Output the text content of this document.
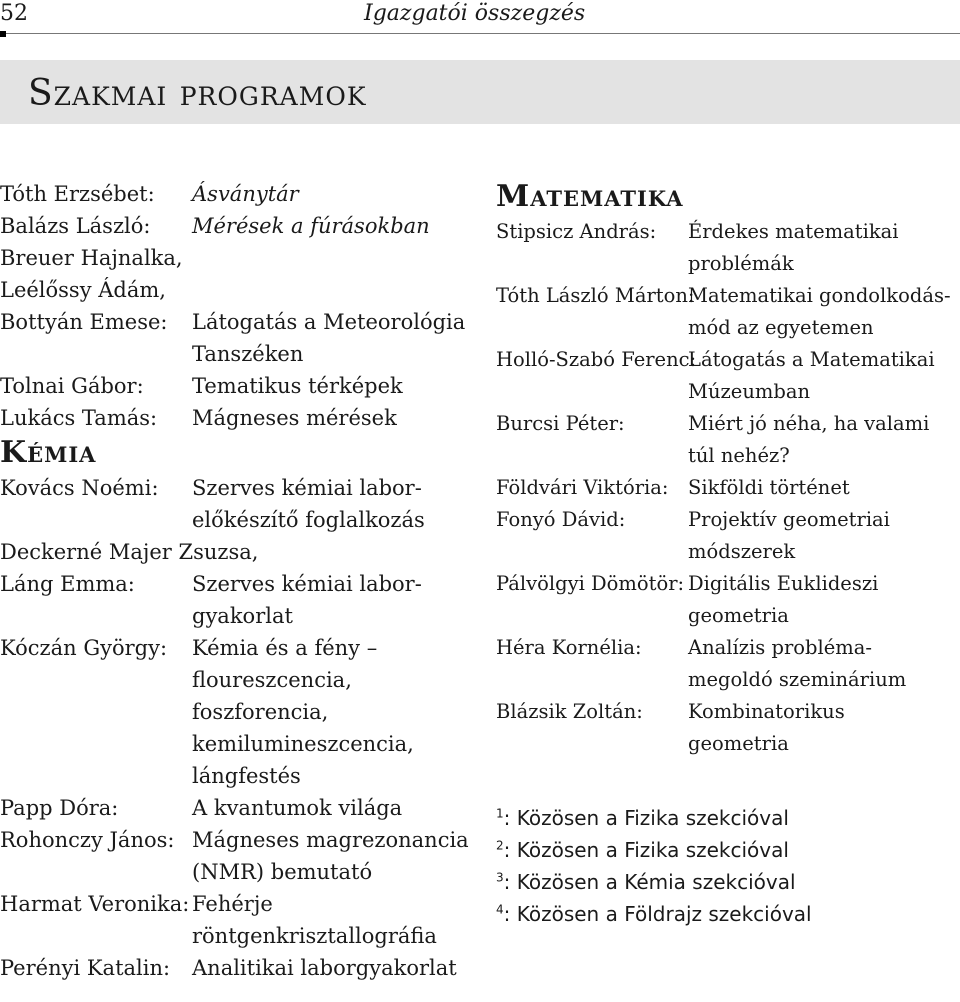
52	Igazgatói összegzés
Szakmai programok
Tóth Erzsébet: Ásványtár
Balázs László: Mérések a fúrásokban
Breuer Hajnalka,

Leélőssy Ádám,

Bottyán Emese: Látogatás a Meteorológia
Tanszéken
Tolnai Gábor: Tematikus térképek
Lukács Tamás: Mágneses mérések
Kémia
Kovács Noémi: Szerves kémiai labor-
előkészítő foglalkozás
Deckerné Majer Zsuzsa,

Láng Emma:	Szerves kémiai labor-
gyakorlat
Kóczán György: Kémia és a fény –
floureszcencia,
foszforencia,
kemilumineszcencia,
lángfestés
Papp Dóra:	A kvantumok világa
Rohonczy János: Mágneses magrezonancia
(NMR) bemutató
Harmat Veronika: Fehérje
röntgenkrisztallográfia
Perényi Katalin: Analitikai laborgyakorlat
Matematika
Stipsicz András: Érdekes matematikai
problémák
Tóth László Márton:
Matematikai gondolkodás-
mód az egyetemen
Holló-Szabó Ferenc:
Látogatás a Matematikai
Múzeumban
Burcsi Péter:	Miért jó néha, ha valami
túl nehéz?
Földvári Viktória: Sikföldi történet
Fonyó Dávid:	Projektív geometriai
módszerek
Pálvölgyi Dömötör: Digitális Euklideszi
geometria
Héra Kornélia: Analízis probléma-
megoldó szeminárium
Blázsik Zoltán: Kombinatorikus
geometria
$^1$: Közösen a Fizika szekcióval
$^2$: Közösen a Fizika szekcióval
$^3$: Közösen a Kémia szekcióval
$^4$: Közösen a Földrajz szekcióval
